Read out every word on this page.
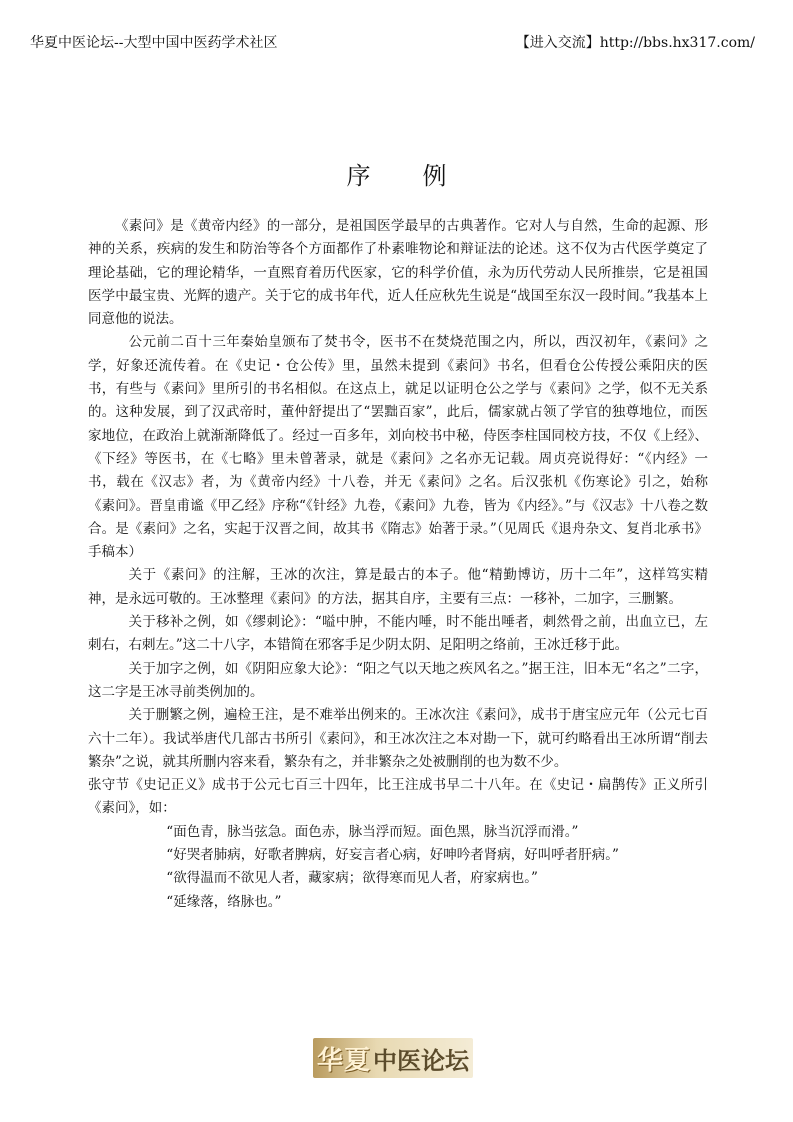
华夏中医论坛--大型中国中医药学术社区	【进入交流】http://bbs.hx317.com/
序例

《素问》是《黄帝内经》的一部分，是祖国医学最早的古典著作。它对人与自然，生命的起源、形神的关系，疾病的发生和防治等各个方面都作了朴素唯物论和辩证法的论述。这不仅为古代医学奠定了理论基础，它的理论精华，一直熙育着历代医家，它的科学价值，永为历代劳动人民所推崇，它是祖国医学中最宝贵、光辉的遗产。关于它的成书年代，近人任应秋先生说是“战国至东汉一段时间。”我基本上同意他的说法。

公元前二百十三年秦始皇颁布了焚书令，医书不在焚烧范围之内，所以，西汉初年，《素问》之学，好象还流传着。在《史记・仓公传》里，虽然未提到《素问》书名，但看仓公传授公乘阳庆的医书，有些与《素问》里所引的书名相似。在这点上，就足以证明仓公之学与《素问》之学，似不无关系的。这种发展，到了汉武帝时，董仲舒提出了“罢黜百家”，此后，儒家就占领了学官的独尊地位，而医家地位，在政治上就渐渐降低了。经过一百多年，刘向校书中秘，侍医李柱国同校方技，不仅《上经》、《下经》等医书，在《七略》里未曾著录，就是《素问》之名亦无记载。周贞亮说得好：“《内经》一书，载在《汉志》者，为《黄帝内经》十八卷，并无《素问》之名。后汉张机《伤寒论》引之，始称《素问》。晋皇甫谧《甲乙经》序称“《针经》九卷，《素问》九卷，皆为《内经》。”与《汉志》十八卷之数合。是《素问》之名，实起于汉晋之间，故其书《隋志》始著于录。”（见周氏《退舟杂文、复肖北承书》手稿本）

关于《素问》的注解，王冰的次注，算是最古的本子。他“精勤博访，历十二年”，这样笃实精神，是永远可敬的。王冰整理《素问》的方法，据其自序，主要有三点：一移补，二加字，三删繁。

关于移补之例，如《缪刺论》：“嗌中肿，不能内唾，时不能出唾者，刺然骨之前，出血立已，左刺右，右刺左。”这二十八字，本错简在邪客手足少阴太阴、足阳明之络前，王冰迁移于此。

关于加字之例，如《阴阳应象大论》：“阳之气以天地之疾风名之。”据王注，旧本无“名之”二字，这二字是王冰寻前类例加的。

关于删繁之例，遍检王注，是不难举出例来的。王冰次注《素问》，成书于唐宝应元年（公元七百六十二年）。我试举唐代几部古书所引《素问》，和王冰次注之本对勘一下，就可约略看出王冰所谓“削去繁杂”之说，就其所删内容来看，繁杂有之，并非繁杂之处被删削的也为数不少。

张守节《史记正义》成书于公元七百三十四年，比王注成书早二十八年。在《史记・扁鹊传》正义所引《素问》，如：

“面色青，脉当弦急。面色赤，脉当浮而短。面色黑，脉当沉浮而滑。”

“好哭者肺病，好歌者脾病，好妄言者心病，好呻吟者肾病，好叫呼者肝病。”

“欲得温而不欲见人者，藏家病；欲得寒而见人者，府家病也。”

“延缘落，络脉也。”

华夏 中医论坛
